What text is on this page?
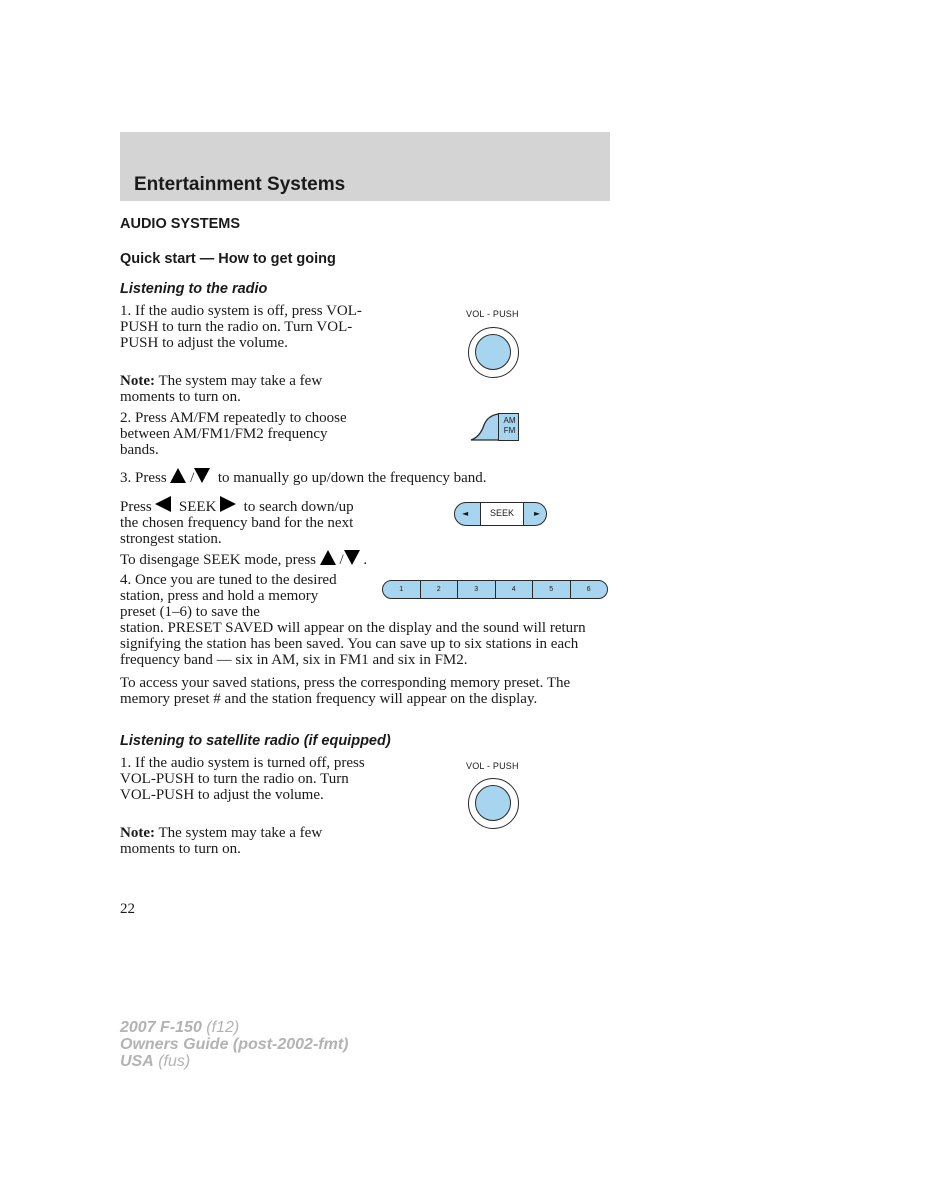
Entertainment Systems
AUDIO SYSTEMS
Quick start — How to get going
Listening to the radio
1. If the audio system is off, press VOL-PUSH to turn the radio on. Turn VOL-PUSH to adjust the volume.
Note: The system may take a few moments to turn on.
2. Press AM/FM repeatedly to choose between AM/FM1/FM2 frequency bands.
3. Press / to manually go up/down the frequency band.
Press SEEK to search down/up the chosen frequency band for the next strongest station.
To disengage SEEK mode, press / .
4. Once you are tuned to the desired station, press and hold a memory preset (1–6) to save the
station. PRESET SAVED will appear on the display and the sound will return signifying the station has been saved. You can save up to six stations in each frequency band — six in AM, six in FM1 and six in FM2.
To access your saved stations, press the corresponding memory preset. The memory preset # and the station frequency will appear on the display.
Listening to satellite radio (if equipped)
1. If the audio system is turned off, press VOL-PUSH to turn the radio on. Turn VOL-PUSH to adjust the volume.
Note: The system may take a few moments to turn on.
VOL - PUSH
AM
FM
◄	SEEK	►
1	2	3	4	5	6
VOL - PUSH
22
2007 F-150 (f12)
Owners Guide (post-2002-fmt)
USA (fus)
